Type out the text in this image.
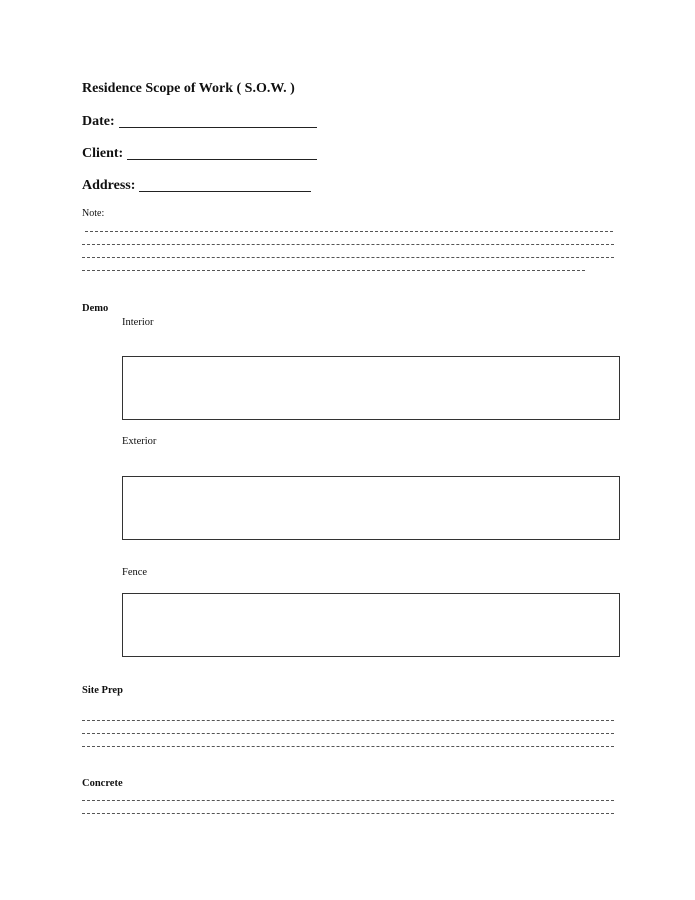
Residence Scope of Work ( S.O.W. )
Date:
Client:
Address:
Note:
Demo
Interior
Exterior
Fence
Site Prep
Concrete
